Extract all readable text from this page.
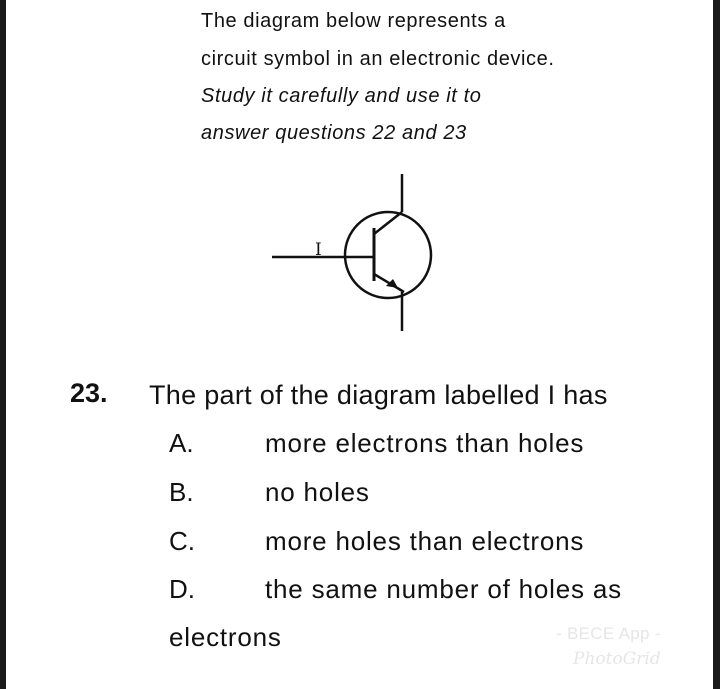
The diagram below represents a
circuit symbol in an electronic device.
Study it carefully and use it to
answer questions 22 and 23
I
23. The part of the diagram labelled I has
A.	more electrons than holes
B.	no holes
C.	more holes than electrons
D.	the same number of holes as
electrons	- BECE App -
PhotoGrid
